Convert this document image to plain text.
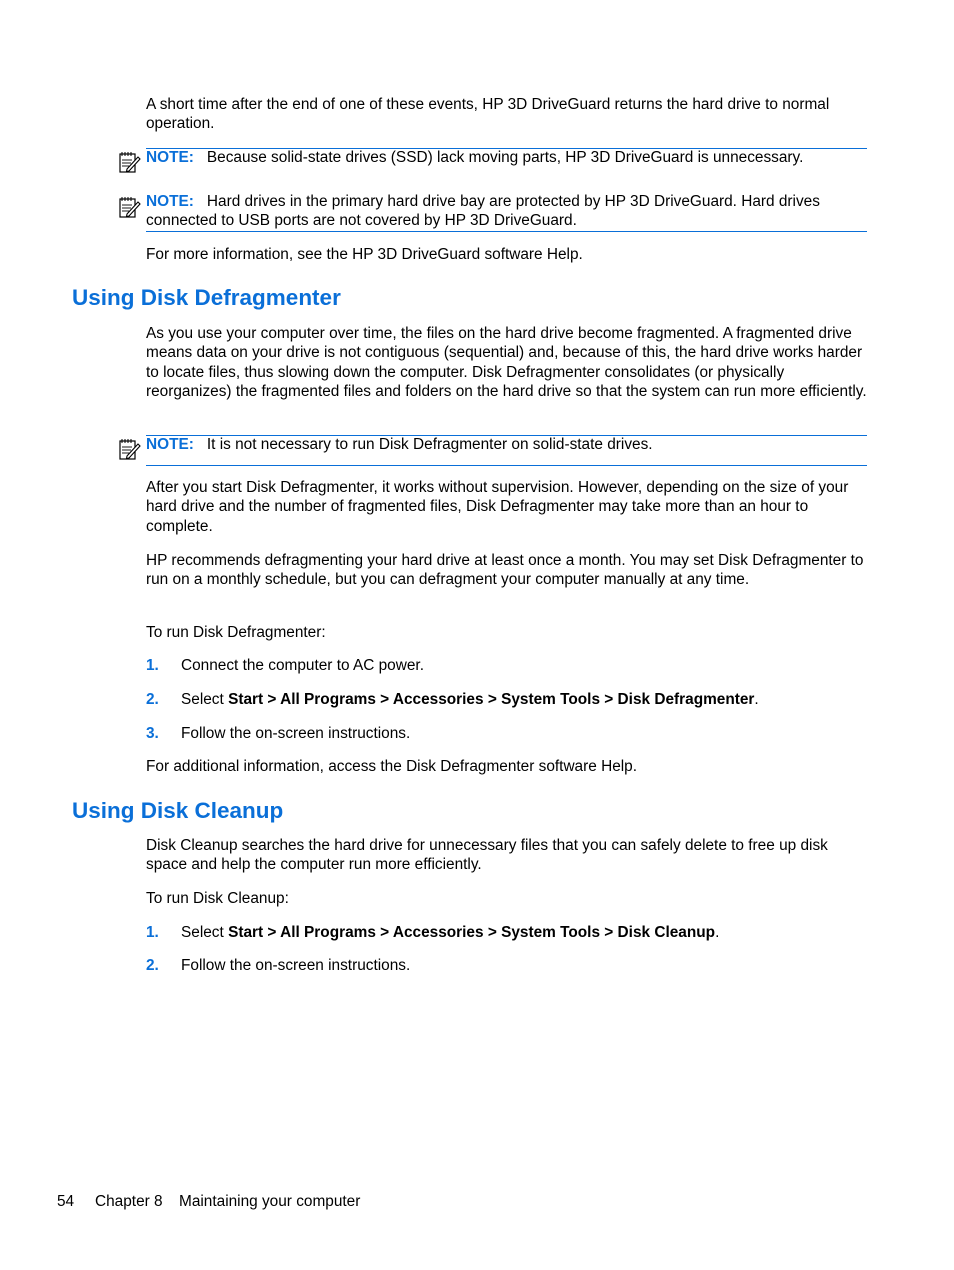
A short time after the end of one of these events, HP 3D DriveGuard returns the hard drive to normal operation.

NOTE: Because solid-state drives (SSD) lack moving parts, HP 3D DriveGuard is unnecessary.

NOTE: Hard drives in the primary hard drive bay are protected by HP 3D DriveGuard. Hard drives connected to USB ports are not covered by HP 3D DriveGuard.

For more information, see the HP 3D DriveGuard software Help.

Using Disk Defragmenter

As you use your computer over time, the files on the hard drive become fragmented. A fragmented drive means data on your drive is not contiguous (sequential) and, because of this, the hard drive works harder to locate files, thus slowing down the computer. Disk Defragmenter consolidates (or physically reorganizes) the fragmented files and folders on the hard drive so that the system can run more efficiently.

NOTE: It is not necessary to run Disk Defragmenter on solid-state drives.

After you start Disk Defragmenter, it works without supervision. However, depending on the size of your hard drive and the number of fragmented files, Disk Defragmenter may take more than an hour to complete.

HP recommends defragmenting your hard drive at least once a month. You may set Disk Defragmenter to run on a monthly schedule, but you can defragment your computer manually at any time.

To run Disk Defragmenter:

1. Connect the computer to AC power.
2. Select Start > All Programs > Accessories > System Tools > Disk Defragmenter.
3. Follow the on-screen instructions.

For additional information, access the Disk Defragmenter software Help.

Using Disk Cleanup

Disk Cleanup searches the hard drive for unnecessary files that you can safely delete to free up disk space and help the computer run more efficiently.

To run Disk Cleanup:

1. Select Start > All Programs > Accessories > System Tools > Disk Cleanup.
2. Follow the on-screen instructions.
54 Chapter 8 Maintaining your computer
